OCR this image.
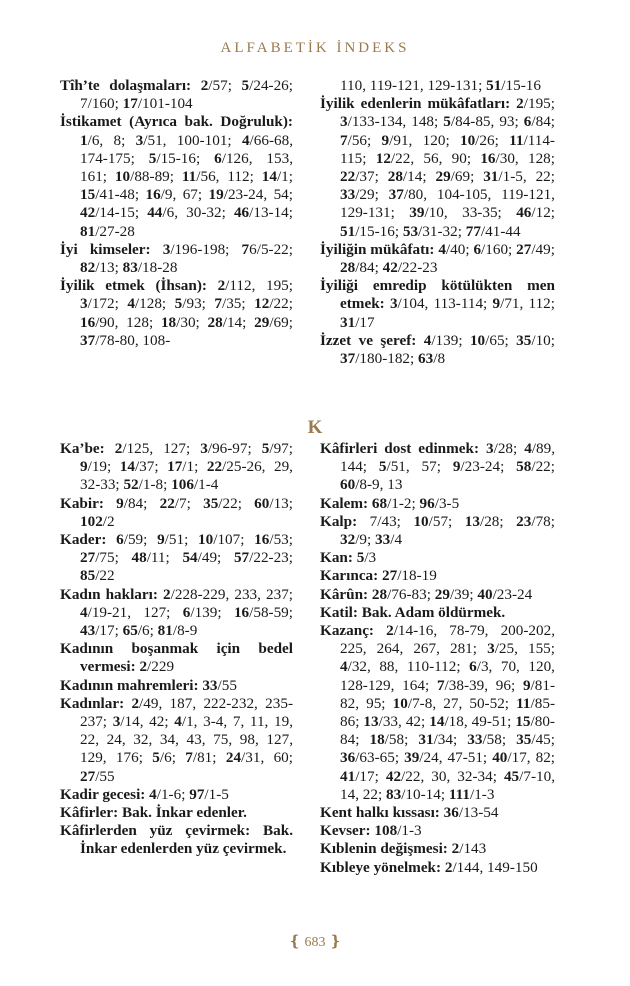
ALFABETİK İNDEKS

Tîh’te dolaşmaları: 2/57; 5/24-26; 7/160; 17/101-104

İstikamet (Ayrıca bak. Doğruluk): 1/6, 8; 3/51, 100-101; 4/66-68, 174-175; 5/15-16; 6/126, 153, 161; 10/88-89; 11/56, 112; 14/1; 15/41-48; 16/9, 67; 19/23-24, 54; 42/14-15; 44/6, 30-32; 46/13-14; 81/27-28

İyi kimseler: 3/196-198; 76/5-22; 82/13; 83/18-28

İyilik etmek (İhsan): 2/112, 195; 3/172; 4/128; 5/93; 7/35; 12/22; 16/90, 128; 18/30; 28/14; 29/69; 37/78-80, 108-

110, 119-121, 129-131; 51/15-16

İyilik edenlerin mükâfatları: 2/195; 3/133-134, 148; 5/84-85, 93; 6/84; 7/56; 9/91, 120; 10/26; 11/114-115; 12/22, 56, 90; 16/30, 128; 22/37; 28/14; 29/69; 31/1-5, 22; 33/29; 37/80, 104-105, 119-121, 129-131; 39/10, 33-35; 46/12; 51/15-16; 53/31-32; 77/41-44

İyiliğin mükâfatı: 4/40; 6/160; 27/49; 28/84; 42/22-23

İyiliği emredip kötülükten men etmek: 3/104, 113-114; 9/71, 112; 31/17

İzzet ve şeref: 4/139; 10/65; 35/10; 37/180-182; 63/8

K

Ka’be: 2/125, 127; 3/96-97; 5/97; 9/19; 14/37; 17/1; 22/25-26, 29, 32-33; 52/1-8; 106/1-4

Kabir: 9/84; 22/7; 35/22; 60/13; 102/2

Kader: 6/59; 9/51; 10/107; 16/53; 27/75; 48/11; 54/49; 57/22-23; 85/22

Kadın hakları: 2/228-229, 233, 237; 4/19-21, 127; 6/139; 16/58-59; 43/17; 65/6; 81/8-9

Kadının boşanmak için bedel vermesi: 2/229

Kadının mahremleri: 33/55

Kadınlar: 2/49, 187, 222-232, 235-237; 3/14, 42; 4/1, 3-4, 7, 11, 19, 22, 24, 32, 34, 43, 75, 98, 127, 129, 176; 5/6; 7/81; 24/31, 60; 27/55

Kadir gecesi: 4/1-6; 97/1-5

Kâfirler: Bak. İnkar edenler.

Kâfirlerden yüz çevirmek: Bak. İnkar edenlerden yüz çevirmek.

Kâfirleri dost edinmek: 3/28; 4/89, 144; 5/51, 57; 9/23-24; 58/22; 60/8-9, 13

Kalem: 68/1-2; 96/3-5

Kalp: 7/43; 10/57; 13/28; 23/78; 32/9; 33/4

Kan: 5/3

Karınca: 27/18-19

Kârûn: 28/76-83; 29/39; 40/23-24

Katil: Bak. Adam öldürmek.

Kazanç: 2/14-16, 78-79, 200-202, 225, 264, 267, 281; 3/25, 155; 4/32, 88, 110-112; 6/3, 70, 120, 128-129, 164; 7/38-39, 96; 9/81-82, 95; 10/7-8, 27, 50-52; 11/85-86; 13/33, 42; 14/18, 49-51; 15/80-84; 18/58; 31/34; 33/58; 35/45; 36/63-65; 39/24, 47-51; 40/17, 82; 41/17; 42/22, 30, 32-34; 45/7-10, 14, 22; 83/10-14; 111/1-3

Kent halkı kıssası: 36/13-54

Kevser: 108/1-3

Kıblenin değişmesi: 2/143

Kıbleye yönelmek: 2/144, 149-150

❴ 683 ❵
